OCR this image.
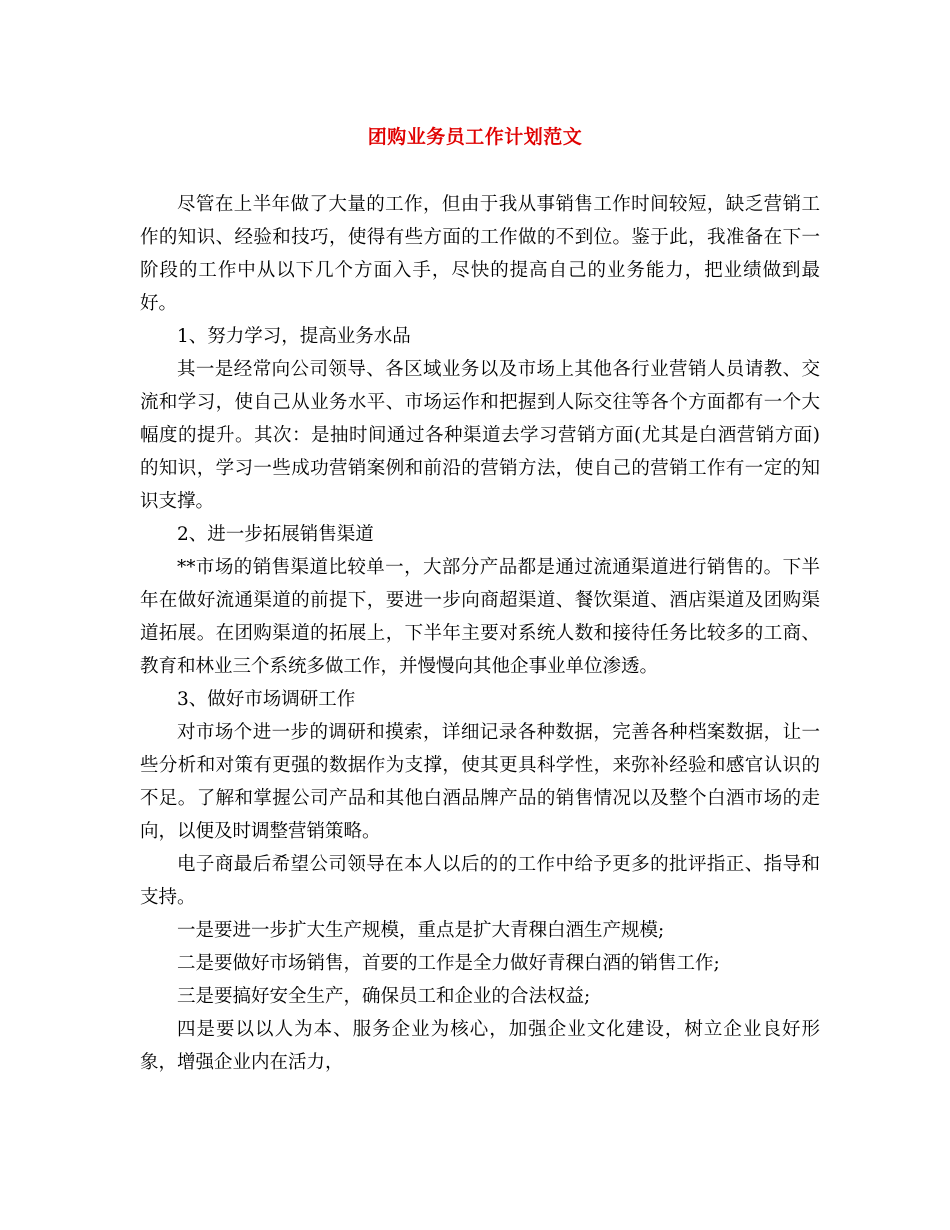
团购业务员工作计划范文

尽管在上半年做了大量的工作，但由于我从事销售工作时间较短，缺乏营销工作的知识、经验和技巧，使得有些方面的工作做的不到位。鉴于此，我准备在下一阶段的工作中从以下几个方面入手，尽快的提高自己的业务能力，把业绩做到最好。

1、努力学习，提高业务水品

其一是经常向公司领导、各区域业务以及市场上其他各行业营销人员请教、交流和学习，使自己从业务水平、市场运作和把握到人际交往等各个方面都有一个大幅度的提升。其次：是抽时间通过各种渠道去学习营销方面(尤其是白酒营销方面)的知识，学习一些成功营销案例和前沿的营销方法，使自己的营销工作有一定的知识支撑。

2、进一步拓展销售渠道

**市场的销售渠道比较单一，大部分产品都是通过流通渠道进行销售的。下半年在做好流通渠道的前提下，要进一步向商超渠道、餐饮渠道、酒店渠道及团购渠道拓展。在团购渠道的拓展上，下半年主要对系统人数和接待任务比较多的工商、教育和林业三个系统多做工作，并慢慢向其他企事业单位渗透。

3、做好市场调研工作

对市场个进一步的调研和摸索，详细记录各种数据，完善各种档案数据，让一些分析和对策有更强的数据作为支撑，使其更具科学性，来弥补经验和感官认识的不足。了解和掌握公司产品和其他白酒品牌产品的销售情况以及整个白酒市场的走向，以便及时调整营销策略。

电子商最后希望公司领导在本人以后的的工作中给予更多的批评指正、指导和支持。

一是要进一步扩大生产规模，重点是扩大青稞白酒生产规模;

二是要做好市场销售，首要的工作是全力做好青稞白酒的销售工作;

三是要搞好安全生产，确保员工和企业的合法权益;

四是要以以人为本、服务企业为核心，加强企业文化建设，树立企业良好形象，增强企业内在活力，
